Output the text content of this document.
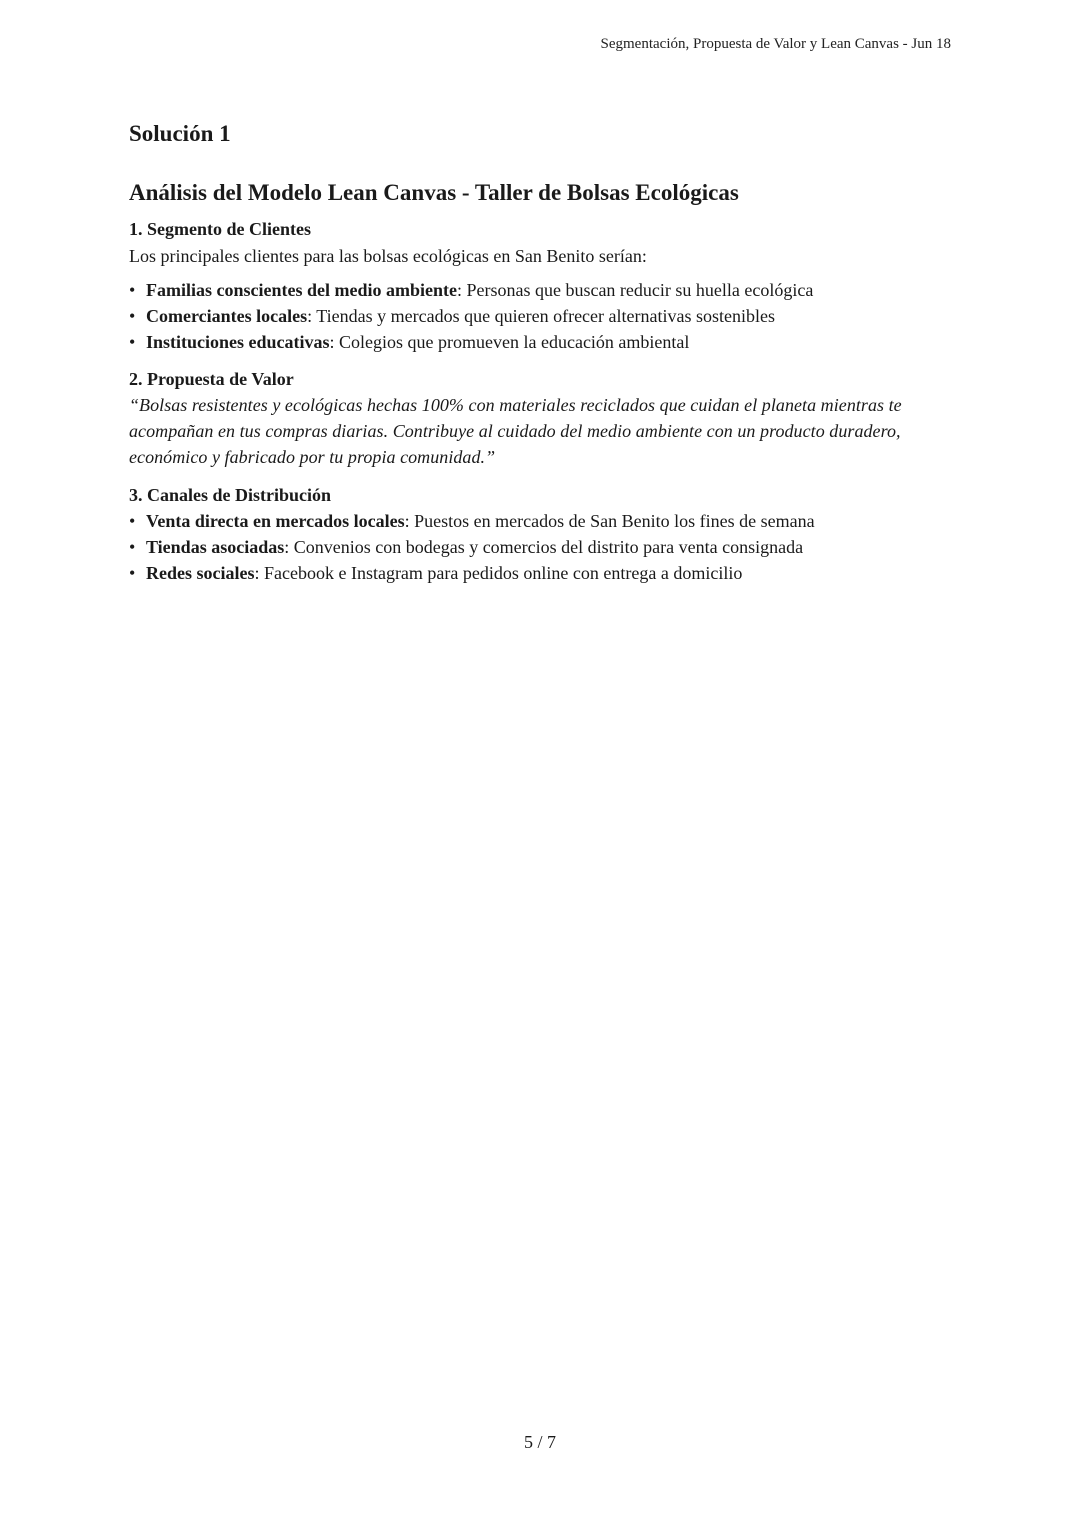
Segmentación, Propuesta de Valor y Lean Canvas - Jun 18
Solución 1
Análisis del Modelo Lean Canvas - Taller de Bolsas Ecológicas

1. Segmento de Clientes

Los principales clientes para las bolsas ecológicas en San Benito serían:

• Familias conscientes del medio ambiente: Personas que buscan reducir su huella ecológica
• Comerciantes locales: Tiendas y mercados que quieren ofrecer alternativas sostenibles
• Instituciones educativas: Colegios que promueven la educación ambiental

2. Propuesta de Valor

“Bolsas resistentes y ecológicas hechas 100% con materiales reciclados que cuidan el planeta mientras te acompañan en tus compras diarias. Contribuye al cuidado del medio ambiente con un producto duradero, económico y fabricado por tu propia comunidad.”

3. Canales de Distribución

• Venta directa en mercados locales: Puestos en mercados de San Benito los fines de semana
• Tiendas asociadas: Convenios con bodegas y comercios del distrito para venta consignada
• Redes sociales: Facebook e Instagram para pedidos online con entrega a domicilio
5 / 7
